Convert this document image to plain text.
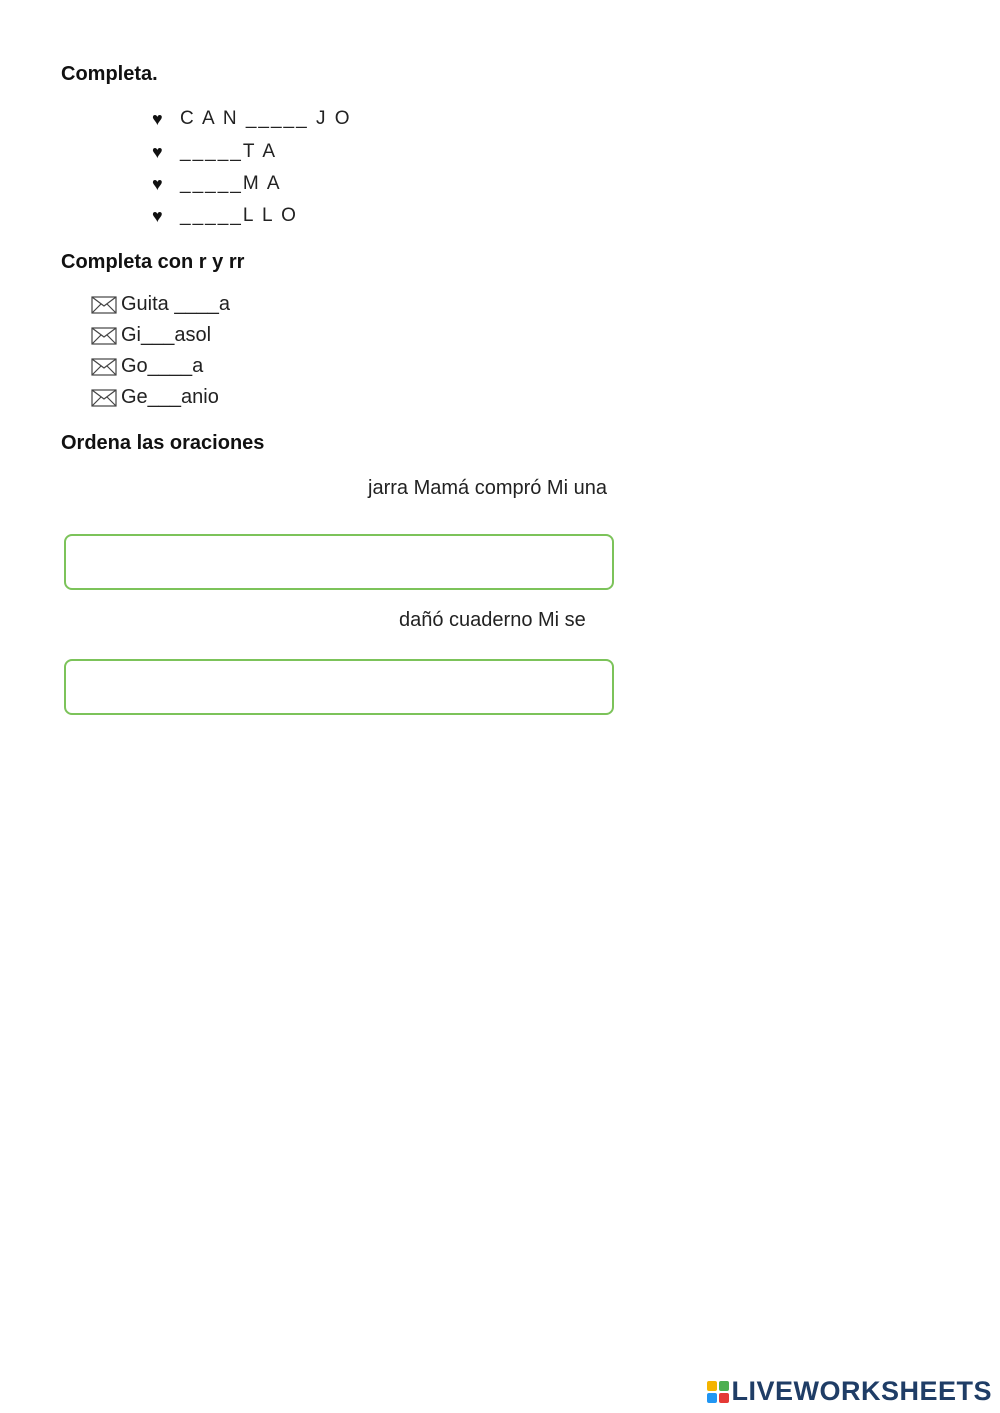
Completa.
♥ C A N _____ J O
♥ _____T A
♥ _____M A
♥ _____L L O
Completa con r y rr
Guita ____a
Gi___asol
Go____a
Ge___anio
Ordena las oraciones
jarra Mamá compró Mi una
dañó cuaderno Mi se
LIVEWORKSHEETS
